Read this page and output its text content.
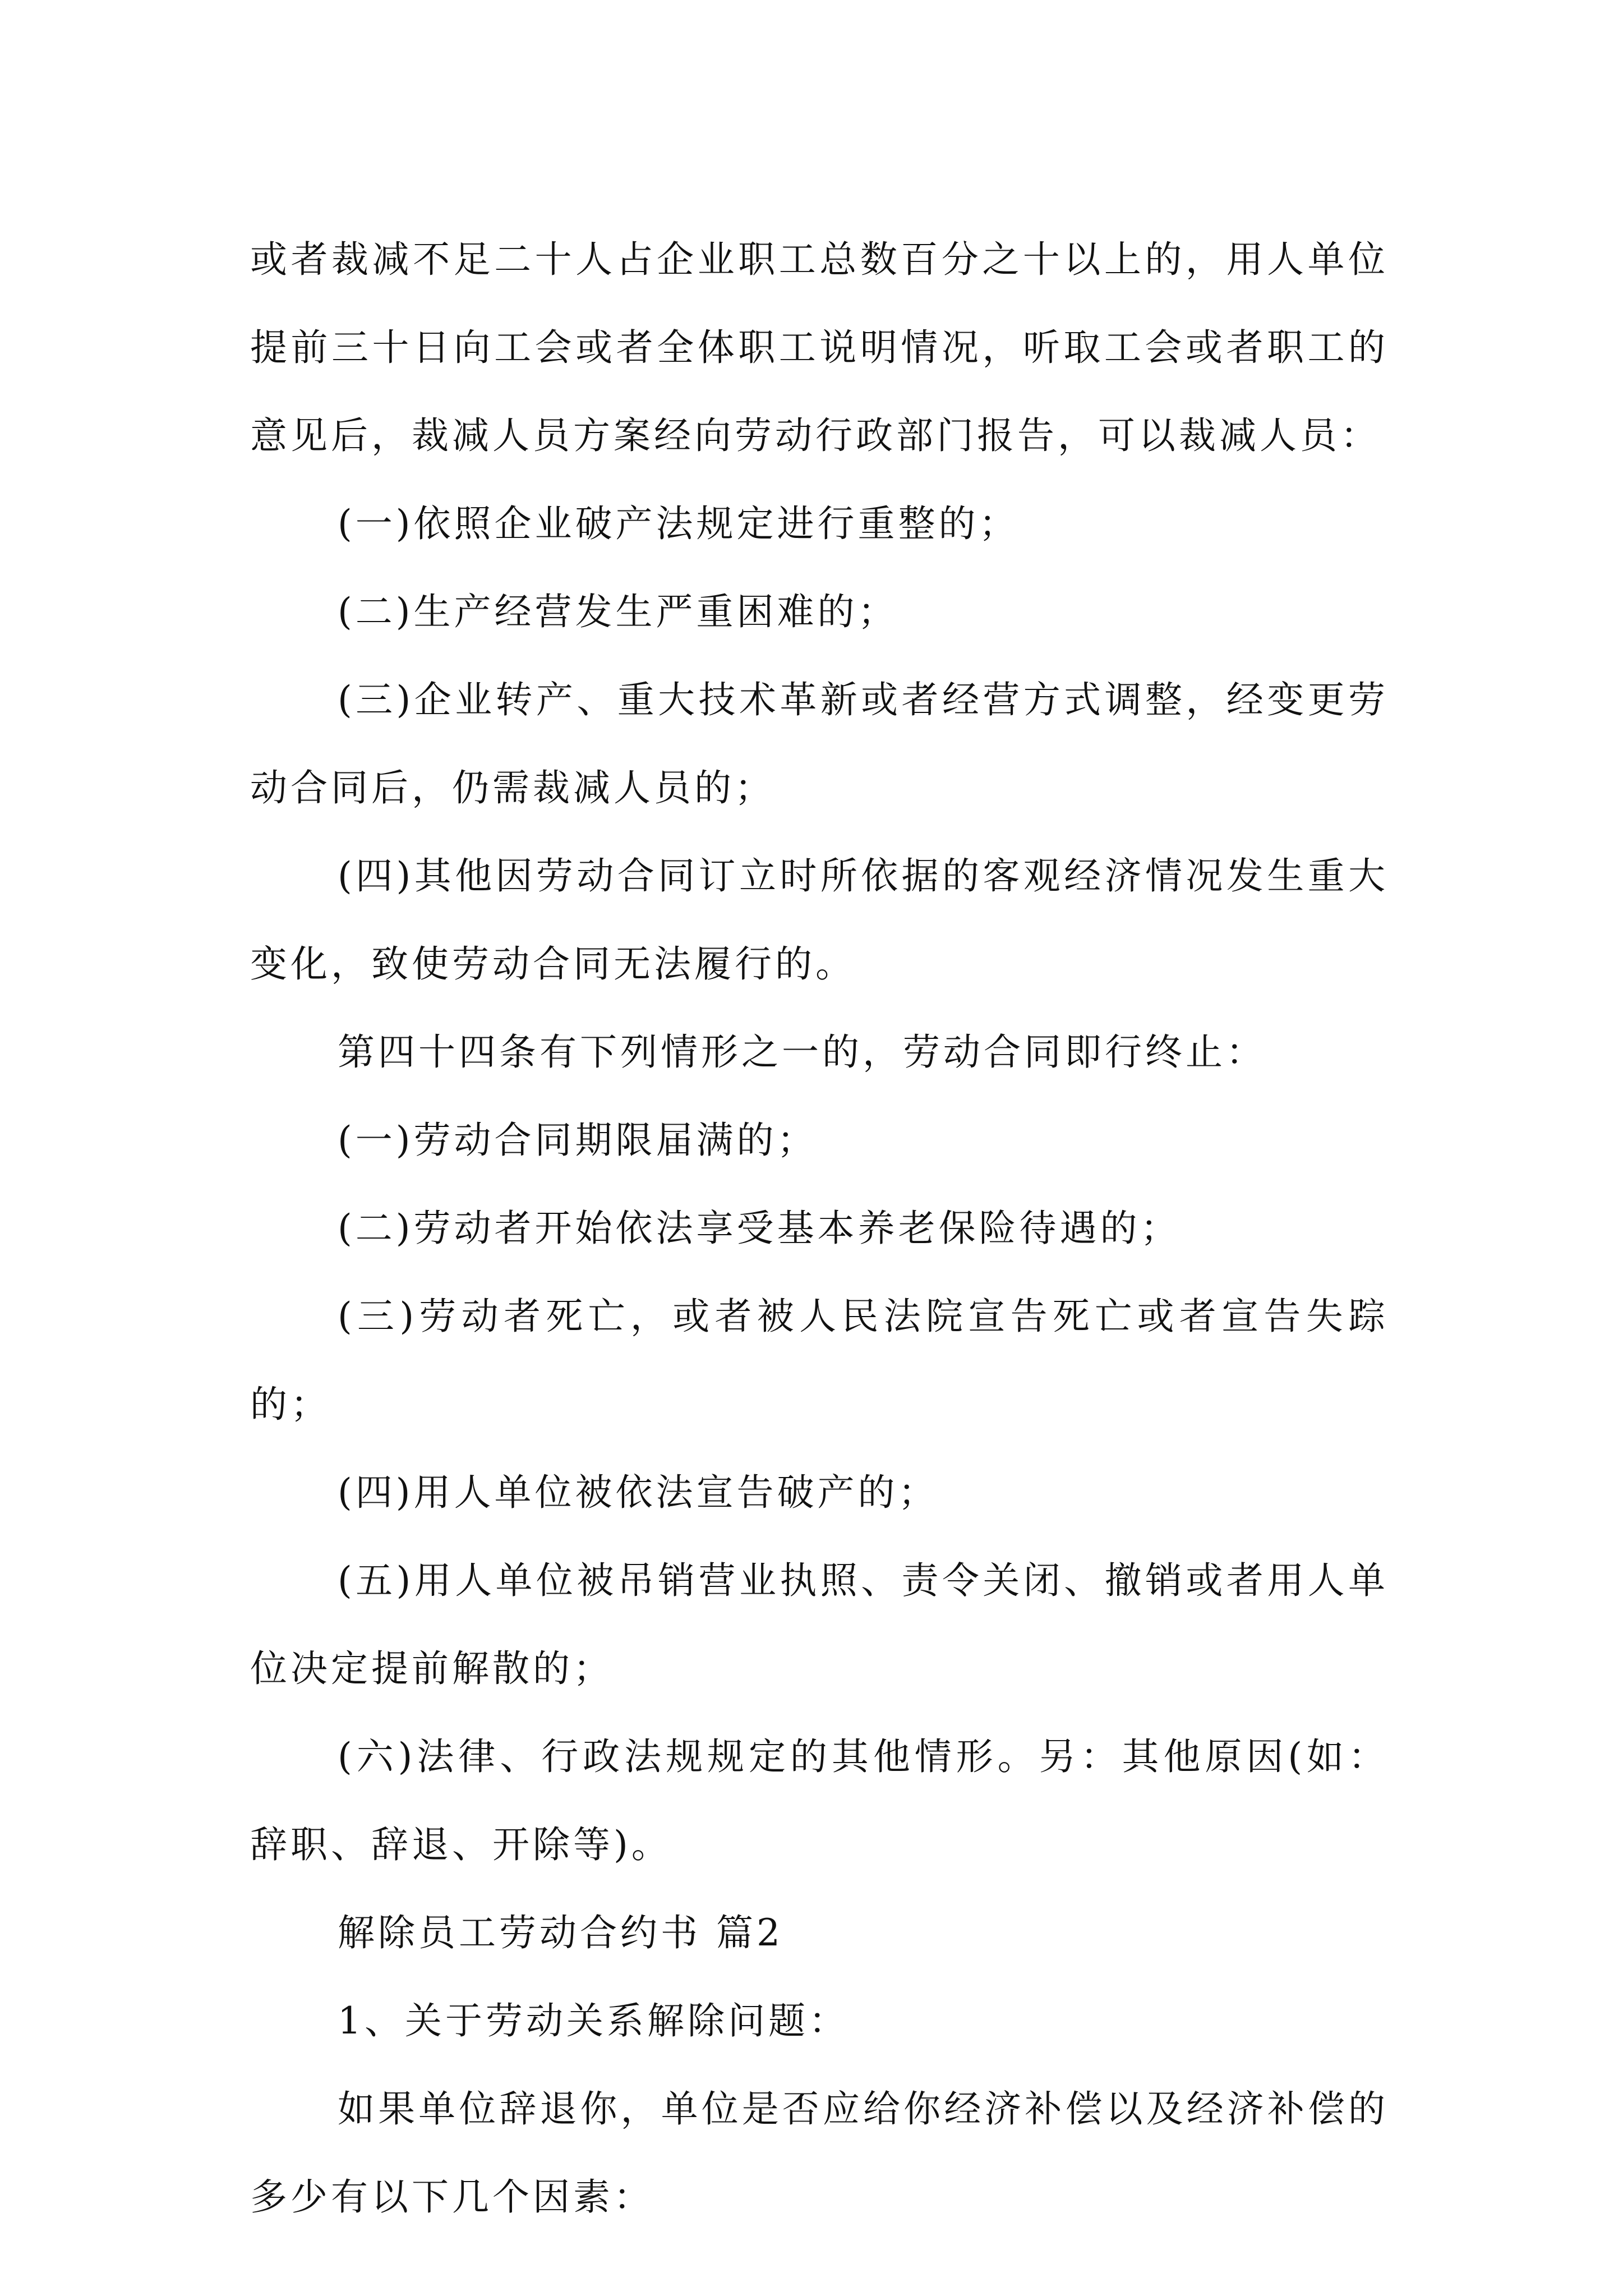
或者裁减不足二十人占企业职工总数百分之十以上的，用人单位提前三十日向工会或者全体职工说明情况，听取工会或者职工的意见后，裁减人员方案经向劳动行政部门报告，可以裁减人员：

(一)依照企业破产法规定进行重整的；

(二)生产经营发生严重困难的；

(三)企业转产、重大技术革新或者经营方式调整，经变更劳动合同后，仍需裁减人员的；

(四)其他因劳动合同订立时所依据的客观经济情况发生重大变化，致使劳动合同无法履行的。

第四十四条有下列情形之一的，劳动合同即行终止：

(一)劳动合同期限届满的；

(二)劳动者开始依法享受基本养老保险待遇的；

(三)劳动者死亡，或者被人民法院宣告死亡或者宣告失踪的；

(四)用人单位被依法宣告破产的；

(五)用人单位被吊销营业执照、责令关闭、撤销或者用人单位决定提前解散的；

(六)法律、行政法规规定的其他情形。另：其他原因(如：辞职、辞退、开除等)。

解除员工劳动合约书 篇2

1、关于劳动关系解除问题：

如果单位辞退你，单位是否应给你经济补偿以及经济补偿的多少有以下几个因素：
